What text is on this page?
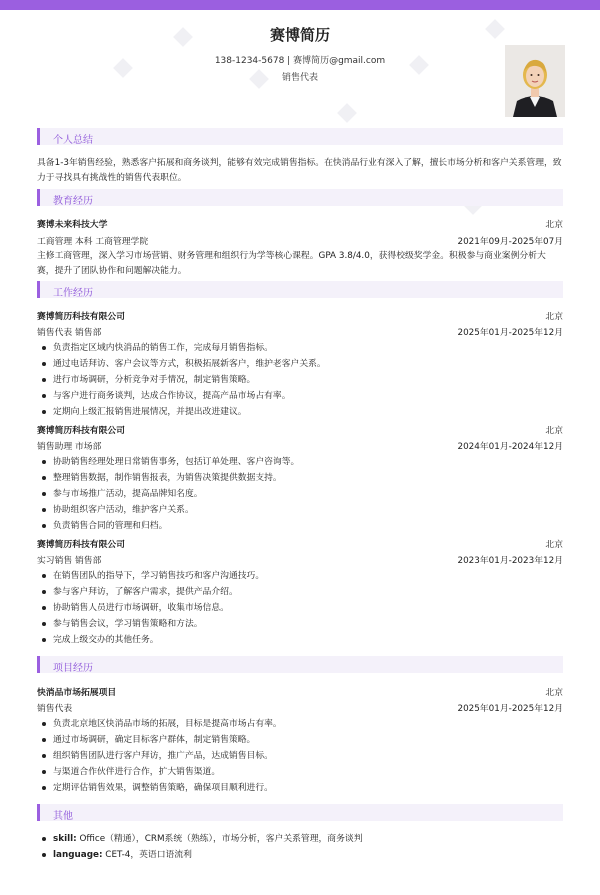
赛博简历
138-1234-5678 | 赛博简历@gmail.com
销售代表
个人总结
具备1-3年销售经验，熟悉客户拓展和商务谈判，能够有效完成销售指标。在快消品行业有深入了解，擅长市场分析和客户关系管理，致力于寻找具有挑战性的销售代表职位。
教育经历
赛博未来科技大学	北京
工商管理 本科 工商管理学院	2021年09月-2025年07月
主修工商管理，深入学习市场营销、财务管理和组织行为学等核心课程。GPA 3.8/4.0，获得校级奖学金。积极参与商业案例分析大赛，提升了团队协作和问题解决能力。
工作经历
赛博简历科技有限公司	北京
销售代表 销售部	2025年01月-2025年12月
负责指定区域内快消品的销售工作，完成每月销售指标。
通过电话拜访、客户会议等方式，积极拓展新客户，维护老客户关系。
进行市场调研，分析竞争对手情况，制定销售策略。
与客户进行商务谈判，达成合作协议，提高产品市场占有率。
定期向上级汇报销售进展情况，并提出改进建议。
赛博简历科技有限公司	北京
销售助理 市场部	2024年01月-2024年12月
协助销售经理处理日常销售事务，包括订单处理、客户咨询等。
整理销售数据，制作销售报表，为销售决策提供数据支持。
参与市场推广活动，提高品牌知名度。
协助组织客户活动，维护客户关系。
负责销售合同的管理和归档。
赛博简历科技有限公司	北京
实习销售 销售部	2023年01月-2023年12月
在销售团队的指导下，学习销售技巧和客户沟通技巧。
参与客户拜访，了解客户需求，提供产品介绍。
协助销售人员进行市场调研，收集市场信息。
参与销售会议，学习销售策略和方法。
完成上级交办的其他任务。
项目经历
快消品市场拓展项目	北京
销售代表	2025年01月-2025年12月
负责北京地区快消品市场的拓展，目标是提高市场占有率。
通过市场调研，确定目标客户群体，制定销售策略。
组织销售团队进行客户拜访，推广产品，达成销售目标。
与渠道合作伙伴进行合作，扩大销售渠道。
定期评估销售效果，调整销售策略，确保项目顺利进行。
其他
skill: Office（精通），CRM系统（熟练），市场分析，客户关系管理，商务谈判
language: CET-4，英语口语流利
